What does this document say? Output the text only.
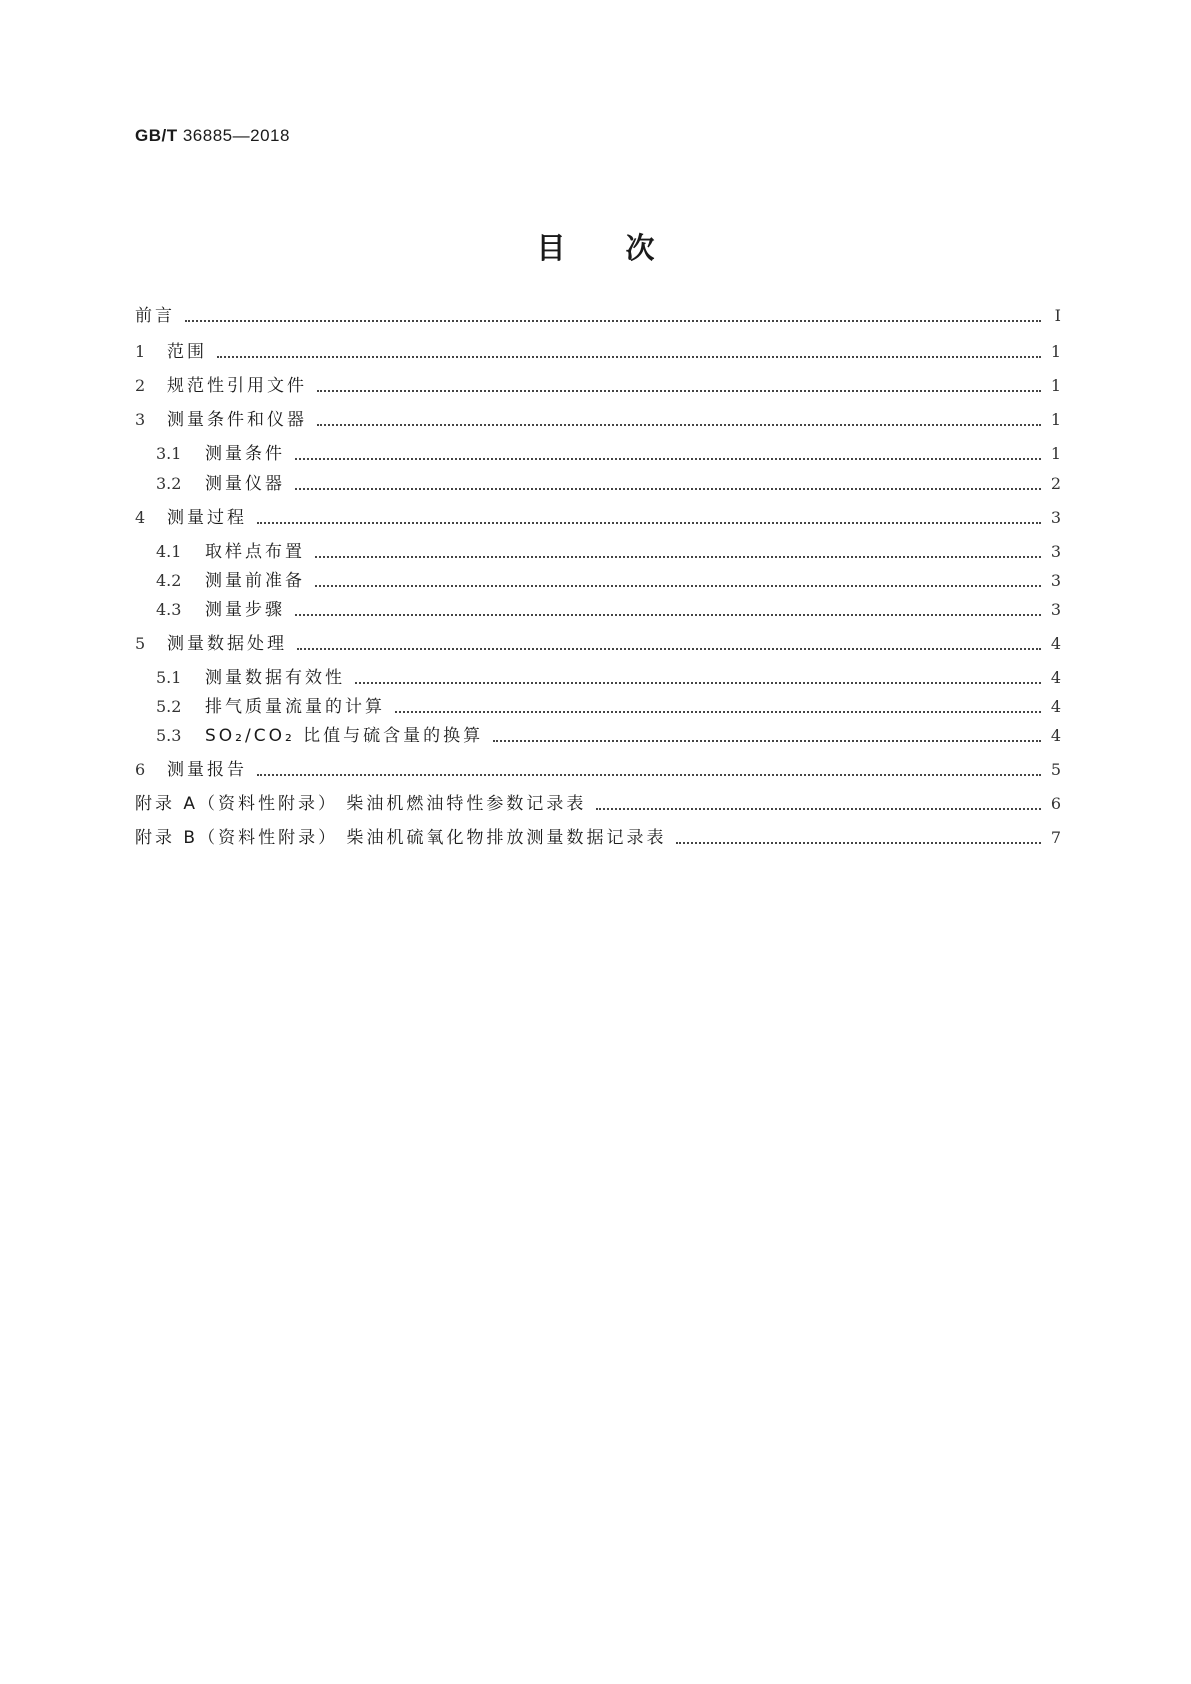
GB/T 36885—2018
目次
前言	Ⅰ
1	范围	1
2	规范性引用文件	1
3	测量条件和仪器	1
3.1	测量条件	1
3.2	测量仪器	2
4	测量过程	3
4.1	取样点布置	3
4.2	测量前准备	3
4.3	测量步骤	3
5	测量数据处理	4
5.1	测量数据有效性	4
5.2	排气质量流量的计算	4
5.3	SO₂/CO₂ 比值与硫含量的换算	4
6	测量报告	5
附录 A（资料性附录） 柴油机燃油特性参数记录表	6
附录 B（资料性附录） 柴油机硫氧化物排放测量数据记录表	7
